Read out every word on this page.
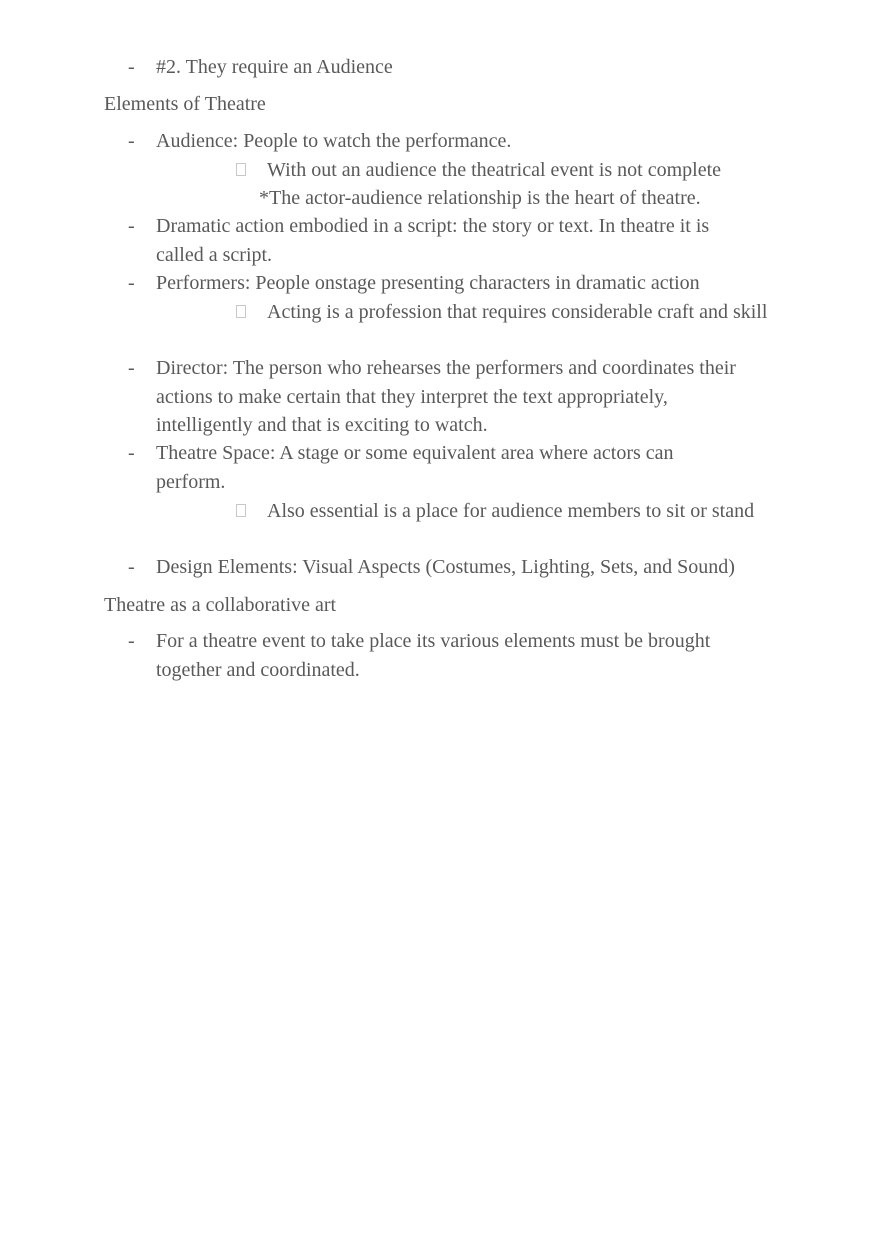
- #2. They require an Audience
Elements of Theatre
- Audience: People to watch the performance.
With out an audience the theatrical event is not complete
*The actor-audience relationship is the heart of theatre.
- Dramatic action embodied in a script: the story or text. In theatre it is called a script.
- Performers: People onstage presenting characters in dramatic action
Acting is a profession that requires considerable craft and skill
- Director: The person who rehearses the performers and coordinates their actions to make certain that they interpret the text appropriately, intelligently and that is exciting to watch.
- Theatre Space: A stage or some equivalent area where actors can perform.
Also essential is a place for audience members to sit or stand
- Design Elements: Visual Aspects (Costumes, Lighting, Sets, and Sound)
Theatre as a collaborative art
- For a theatre event to take place its various elements must be brought together and coordinated.
